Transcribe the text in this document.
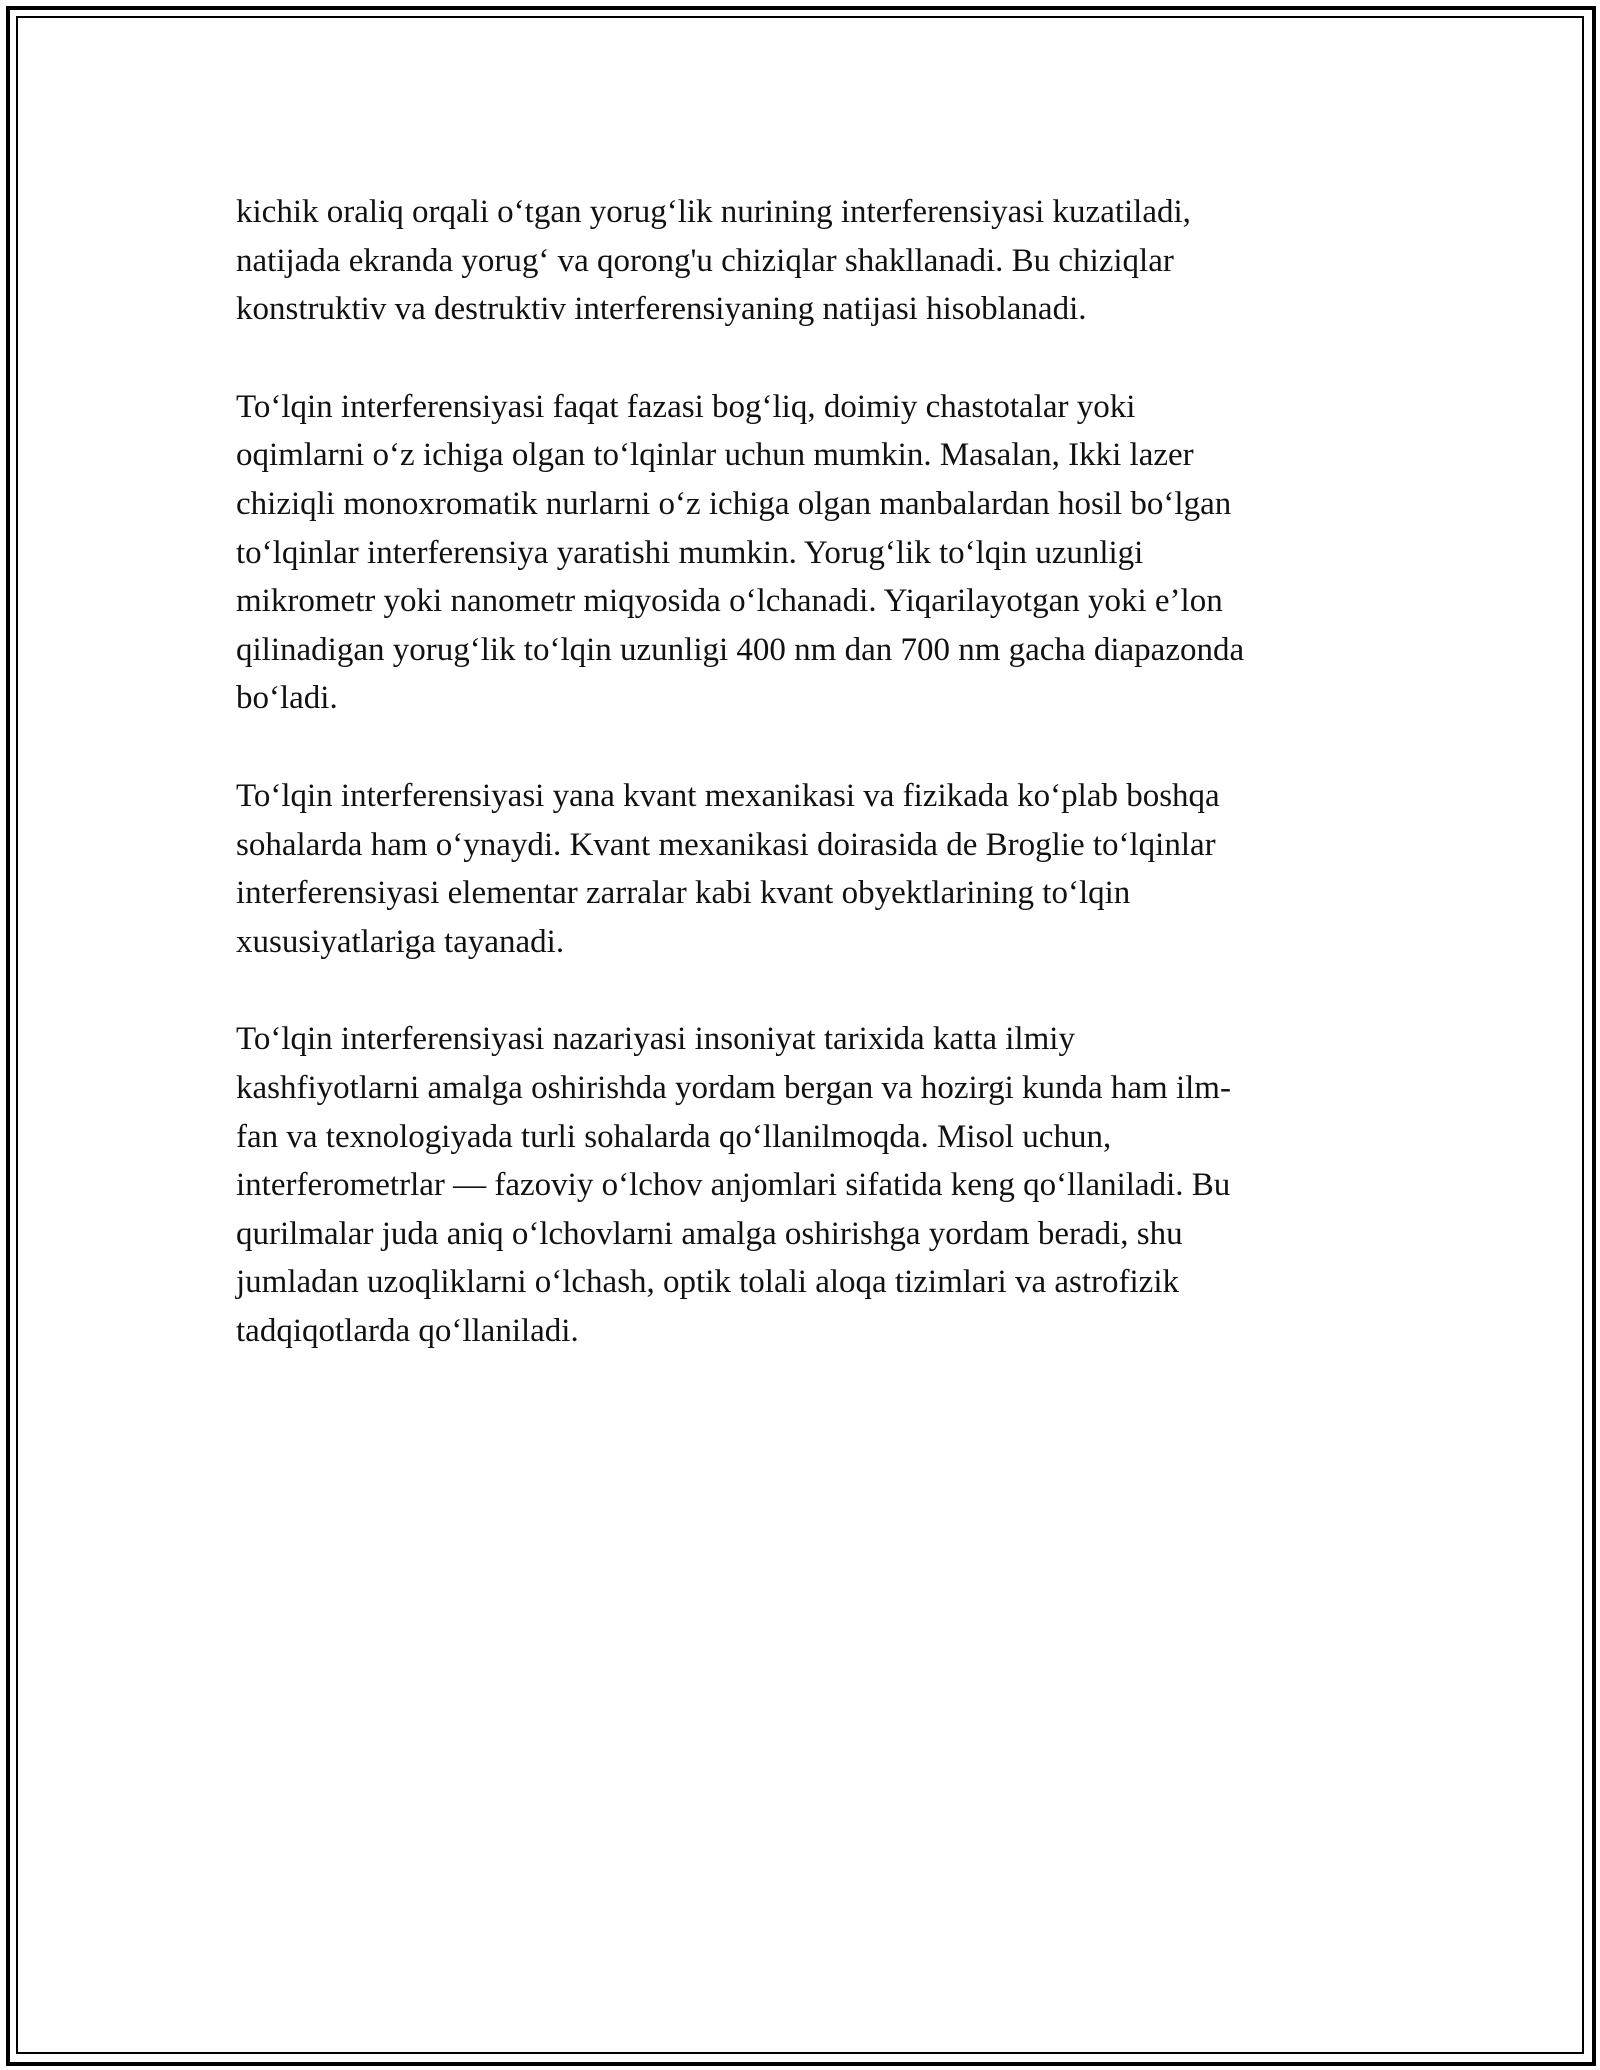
kichik oraliq orqali o‘tgan yorug‘lik nurining interferensiyasi kuzatiladi,
natijada ekranda yorug‘ va qorong'u chiziqlar shakllanadi. Bu chiziqlar
konstruktiv va destruktiv interferensiyaning natijasi hisoblanadi.

To‘lqin interferensiyasi faqat fazasi bog‘liq, doimiy chastotalar yoki
oqimlarni o‘z ichiga olgan to‘lqinlar uchun mumkin. Masalan, Ikki lazer
chiziqli monoxromatik nurlarni o‘z ichiga olgan manbalardan hosil bo‘lgan
to‘lqinlar interferensiya yaratishi mumkin. Yorug‘lik to‘lqin uzunligi
mikrometr yoki nanometr miqyosida o‘lchanadi. Yiqarilayotgan yoki e’lon
qilinadigan yorug‘lik to‘lqin uzunligi 400 nm dan 700 nm gacha diapazonda
bo‘ladi.

To‘lqin interferensiyasi yana kvant mexanikasi va fizikada ko‘plab boshqa
sohalarda ham o‘ynaydi. Kvant mexanikasi doirasida de Broglie to‘lqinlar
interferensiyasi elementar zarralar kabi kvant obyektlarining to‘lqin
xususiyatlariga tayanadi.

To‘lqin interferensiyasi nazariyasi insoniyat tarixida katta ilmiy
kashfiyotlarni amalga oshirishda yordam bergan va hozirgi kunda ham ilm-
fan va texnologiyada turli sohalarda qo‘llanilmoqda. Misol uchun,
interferometrlar — fazoviy o‘lchov anjomlari sifatida keng qo‘llaniladi. Bu
qurilmalar juda aniq o‘lchovlarni amalga oshirishga yordam beradi, shu
jumladan uzoqliklarni o‘lchash, optik tolali aloqa tizimlari va astrofizik
tadqiqotlarda qo‘llaniladi.
